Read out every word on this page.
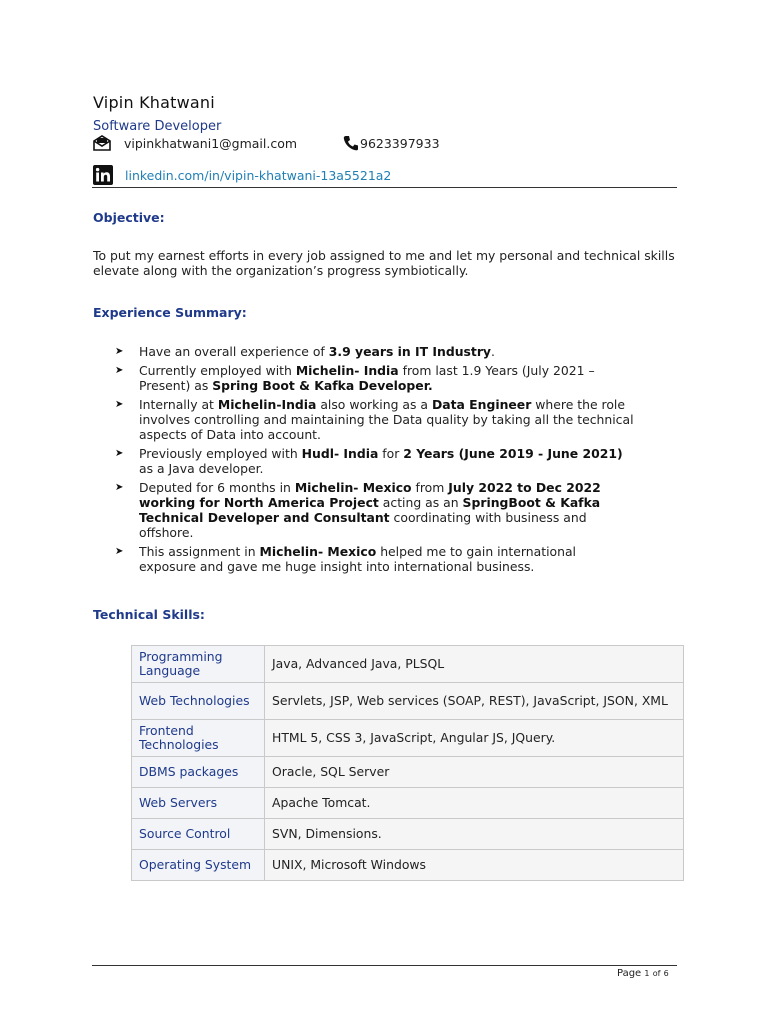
Vipin Khatwani
Software Developer
vipinkhatwani1@gmail.com	9623397933
linkedin.com/in/vipin-khatwani-13a5521a2
Objective:
To put my earnest efforts in every job assigned to me and let my personal and technical skills elevate along with the organization’s progress symbiotically.
Experience Summary:
➤ Have an overall experience of 3.9 years in IT Industry.
➤ Currently employed with Michelin- India from last 1.9 Years (July 2021 – Present) as Spring Boot & Kafka Developer.
➤ Internally at Michelin-India also working as a Data Engineer where the role involves controlling and maintaining the Data quality by taking all the technical aspects of Data into account.
➤ Previously employed with Hudl- India for 2 Years (June 2019 - June 2021) as a Java developer.
➤ Deputed for 6 months in Michelin- Mexico from July 2022 to Dec 2022 working for North America Project acting as an SpringBoot & Kafka Technical Developer and Consultant coordinating with business and offshore.
➤ This assignment in Michelin- Mexico helped me to gain international exposure and gave me huge insight into international business.
Technical Skills:
Programming Language	Java, Advanced Java, PLSQL
Web Technologies	Servlets, JSP, Web services (SOAP, REST), JavaScript, JSON, XML
Frontend Technologies	HTML 5, CSS 3, JavaScript, Angular JS, JQuery.
DBMS packages	Oracle, SQL Server
Web Servers	Apache Tomcat.
Source Control	SVN, Dimensions.
Operating System	UNIX, Microsoft Windows
Page 1 of 6
